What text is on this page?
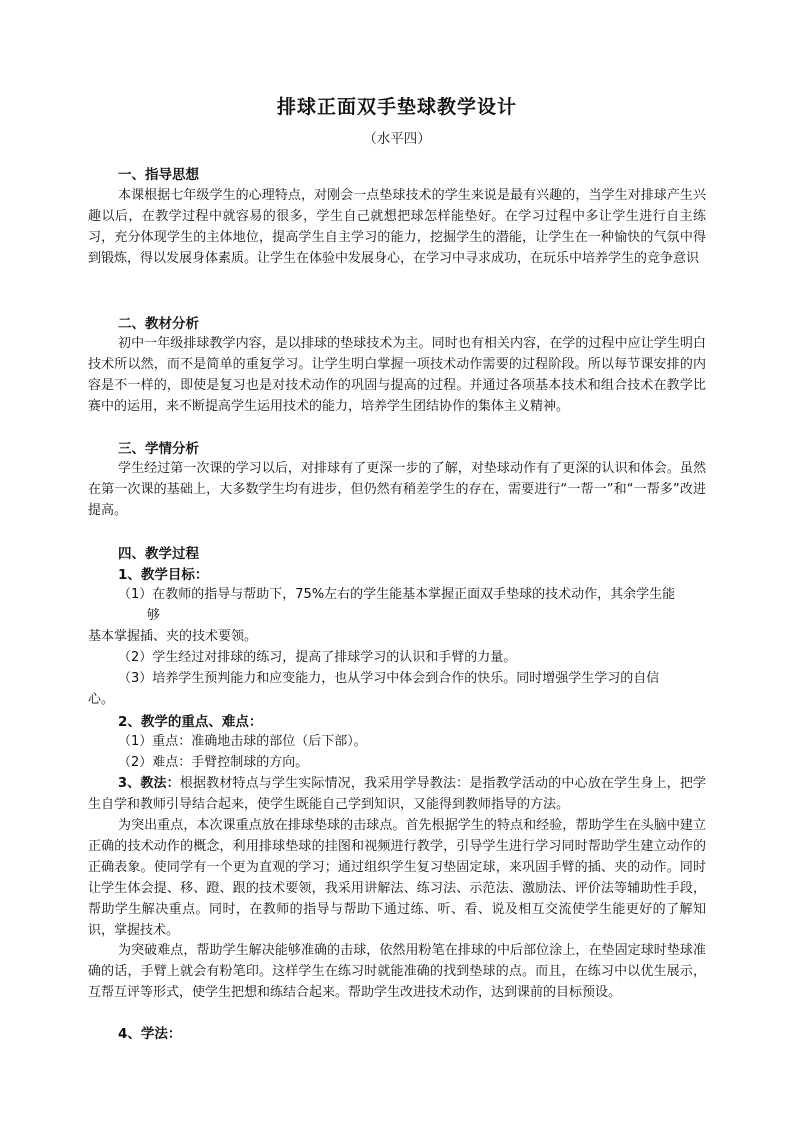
排球正面双手垫球教学设计
（水平四）
一、指导思想
本课根据七年级学生的心理特点，对刚会一点垫球技术的学生来说是最有兴趣的，当学生对排球产生兴趣以后，在教学过程中就容易的很多，学生自己就想把球怎样能垫好。在学习过程中多让学生进行自主练习，充分体现学生的主体地位，提高学生自主学习的能力，挖掘学生的潜能，让学生在一种愉快的气氛中得到锻炼，得以发展身体素质。让学生在体验中发展身心，在学习中寻求成功，在玩乐中培养学生的竞争意识
二、教材分析
初中一年级排球教学内容，是以排球的垫球技术为主。同时也有相关内容，在学的过程中应让学生明白技术所以然，而不是简单的重复学习。让学生明白掌握一项技术动作需要的过程阶段。所以每节课安排的内容是不一样的，即使是复习也是对技术动作的巩固与提高的过程。并通过各项基本技术和组合技术在教学比赛中的运用，来不断提高学生运用技术的能力，培养学生团结协作的集体主义精神。
三、学情分析
学生经过第一次课的学习以后，对排球有了更深一步的了解，对垫球动作有了更深的认识和体会。虽然在第一次课的基础上，大多数学生均有进步，但仍然有稍差学生的存在，需要进行“一帮一”和“一帮多”改进提高。
四、教学过程
1、教学目标：
（1）在教师的指导与帮助下，75%左右的学生能基本掌握正面双手垫球的技术动作，其余学生能
够
基本掌握插、夹的技术要领。
（2）学生经过对排球的练习，提高了排球学习的认识和手臂的力量。
（3）培养学生预判能力和应变能力，也从学习中体会到合作的快乐。同时增强学生学习的自信
心。
2、教学的重点、难点：
（1）重点：准确地击球的部位（后下部）。
（2）难点：手臂控制球的方向。
3、教法：根据教材特点与学生实际情况，我采用学导教法：是指教学活动的中心放在学生身上，把学生自学和教师引导结合起来，使学生既能自己学到知识，又能得到教师指导的方法。
为突出重点，本次课重点放在排球垫球的击球点。首先根据学生的特点和经验，帮助学生在头脑中建立正确的技术动作的概念，利用排球垫球的挂图和视频进行教学，引导学生进行学习同时帮助学生建立动作的正确表象。使同学有一个更为直观的学习；通过组织学生复习垫固定球，来巩固手臂的插、夹的动作。同时让学生体会提、移、蹬、跟的技术要领，我采用讲解法、练习法、示范法、激励法、评价法等辅助性手段，帮助学生解决重点。同时，在教师的指导与帮助下通过练、听、看、说及相互交流使学生能更好的了解知识，掌握技术。
为突破难点，帮助学生解决能够准确的击球，依然用粉笔在排球的中后部位涂上，在垫固定球时垫球准确的话，手臂上就会有粉笔印。这样学生在练习时就能准确的找到垫球的点。而且，在练习中以优生展示，互帮互评等形式，使学生把想和练结合起来。帮助学生改进技术动作，达到课前的目标预设。
4、学法：
